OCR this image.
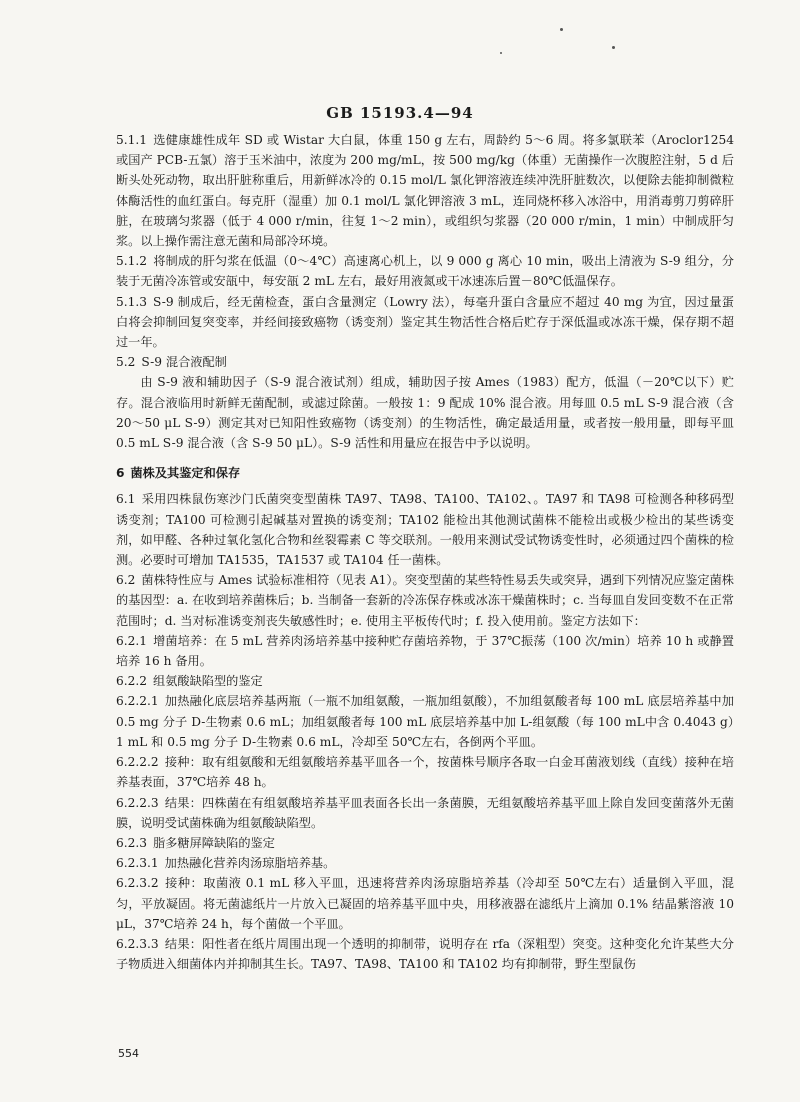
GB 15193.4—94

5.1.1 选健康雄性成年 SD 或 Wistar 大白鼠，体重 150 g 左右，周龄约 5～6 周。将多氯联苯（Aroclor1254 或国产 PCB-五氯）溶于玉米油中，浓度为 200 mg/mL，按 500 mg/kg（体重）无菌操作一次腹腔注射，5 d 后断头处死动物，取出肝脏称重后，用新鲜冰冷的 0.15 mol/L 氯化钾溶液连续冲洗肝脏数次，以便除去能抑制微粒体酶活性的血红蛋白。每克肝（湿重）加 0.1 mol/L 氯化钾溶液 3 mL，连同烧杯移入冰浴中，用消毒剪刀剪碎肝脏，在玻璃匀浆器（低于 4 000 r/min，往复 1～2 min），或组织匀浆器（20 000 r/min，1 min）中制成肝匀浆。以上操作需注意无菌和局部冷环境。

5.1.2 将制成的肝匀浆在低温（0～4℃）高速离心机上，以 9 000 g 离心 10 min，吸出上清液为 S-9 组分，分装于无菌冷冻管或安瓿中，每安瓿 2 mL 左右，最好用液氮或干冰速冻后置－80℃低温保存。

5.1.3 S-9 制成后，经无菌检查，蛋白含量测定（Lowry 法），每毫升蛋白含量应不超过 40 mg 为宜，因过量蛋白将会抑制回复突变率，并经间接致癌物（诱变剂）鉴定其生物活性合格后贮存于深低温或冰冻干燥，保存期不超过一年。

5.2 S-9 混合液配制

由 S-9 液和辅助因子（S-9 混合液试剂）组成，辅助因子按 Ames（1983）配方，低温（－20℃以下）贮存。混合液临用时新鲜无菌配制，或滤过除菌。一般按 1：9 配成 10% 混合液。用每皿 0.5 mL S-9 混合液（含 20～50 μL S-9）测定其对已知阳性致癌物（诱变剂）的生物活性，确定最适用量，或者按一般用量，即每平皿 0.5 mL S-9 混合液（含 S-9 50 μL）。S-9 活性和用量应在报告中予以说明。

6 菌株及其鉴定和保存

6.1 采用四株鼠伤寒沙门氏菌突变型菌株 TA97、TA98、TA100、TA102、。TA97 和 TA98 可检测各种移码型诱变剂；TA100 可检测引起碱基对置换的诱变剂；TA102 能检出其他测试菌株不能检出或极少检出的某些诱变剂，如甲醛、各种过氧化氢化合物和丝裂霉素 C 等交联剂。一般用来测试受试物诱变性时，必须通过四个菌株的检测。必要时可增加 TA1535，TA1537 或 TA104 任一菌株。

6.2 菌株特性应与 Ames 试验标准相符（见表 A1）。突变型菌的某些特性易丢失或突异，遇到下列情况应鉴定菌株的基因型：a. 在收到培养菌株后；b. 当制备一套新的冷冻保存株或冰冻干燥菌株时；c. 当每皿自发回变数不在正常范围时；d. 当对标准诱变剂丧失敏感性时；e. 使用主平板传代时；f. 投入使用前。鉴定方法如下：

6.2.1 增菌培养：在 5 mL 营养肉汤培养基中接种贮存菌培养物，于 37℃振荡（100 次/min）培养 10 h 或静置培养 16 h 备用。

6.2.2 组氨酸缺陷型的鉴定

6.2.2.1 加热融化底层培养基两瓶（一瓶不加组氨酸，一瓶加组氨酸），不加组氨酸者每 100 mL 底层培养基中加 0.5 mg 分子 D-生物素 0.6 mL；加组氨酸者每 100 mL 底层培养基中加 L-组氨酸（每 100 mL中含 0.4043 g）1 mL 和 0.5 mg 分子 D-生物素 0.6 mL，冷却至 50℃左右，各倒两个平皿。

6.2.2.2 接种：取有组氨酸和无组氨酸培养基平皿各一个，按菌株号顺序各取一白金耳菌液划线（直线）接种在培养基表面，37℃培养 48 h。

6.2.2.3 结果：四株菌在有组氨酸培养基平皿表面各长出一条菌膜，无组氨酸培养基平皿上除自发回变菌落外无菌膜，说明受试菌株确为组氨酸缺陷型。

6.2.3 脂多糖屏障缺陷的鉴定

6.2.3.1 加热融化营养肉汤琼脂培养基。

6.2.3.2 接种：取菌液 0.1 mL 移入平皿，迅速将营养肉汤琼脂培养基（冷却至 50℃左右）适量倒入平皿，混匀，平放凝固。将无菌滤纸片一片放入已凝固的培养基平皿中央，用移液器在滤纸片上滴加 0.1% 结晶紫溶液 10 μL，37℃培养 24 h，每个菌做一个平皿。

6.2.3.3 结果：阳性者在纸片周围出现一个透明的抑制带，说明存在 rfa（深粗型）突变。这种变化允许某些大分子物质进入细菌体内并抑制其生长。TA97、TA98、TA100 和 TA102 均有抑制带，野生型鼠伤

554
